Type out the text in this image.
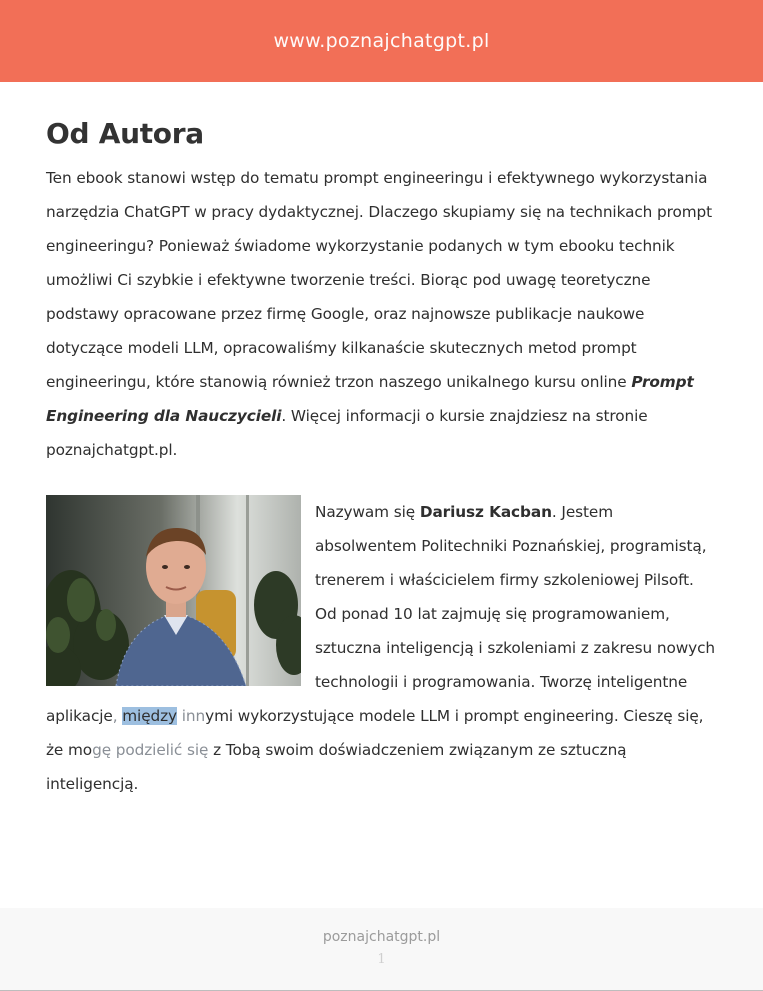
www.poznajchatgpt.pl
Od Autora

Ten ebook stanowi wstęp do tematu prompt engineeringu i efektywnego wykorzystania narzędzia ChatGPT w pracy dydaktycznej. Dlaczego skupiamy się na technikach prompt engineeringu? Ponieważ świadome wykorzystanie podanych w tym ebooku technik umożliwi Ci szybkie i efektywne tworzenie treści. Biorąc pod uwagę teoretyczne podstawy opracowane przez firmę Google, oraz najnowsze publikacje naukowe dotyczące modeli LLM, opracowaliśmy kilkanaście skutecznych metod prompt engineeringu, które stanowią również trzon naszego unikalnego kursu online Prompt Engineering dla Nauczycieli. Więcej informacji o kursie znajdziesz na stronie poznajchatgpt.pl.

Nazywam się Dariusz Kacban. Jestem absolwentem Politechniki Poznańskiej, programistą, trenerem i właścicielem firmy szkoleniowej Pilsoft. Od ponad 10 lat zajmuję się programowaniem, sztuczna inteligencją i szkoleniami z zakresu nowych technologii i programowania. Tworzę inteligentne aplikacje, między innymi wykorzystujące modele LLM i prompt engineering. Cieszę się, że mogę podzielić się z Tobą swoim doświadczeniem związanym ze sztuczną inteligencją.
poznajchatgpt.pl
1
